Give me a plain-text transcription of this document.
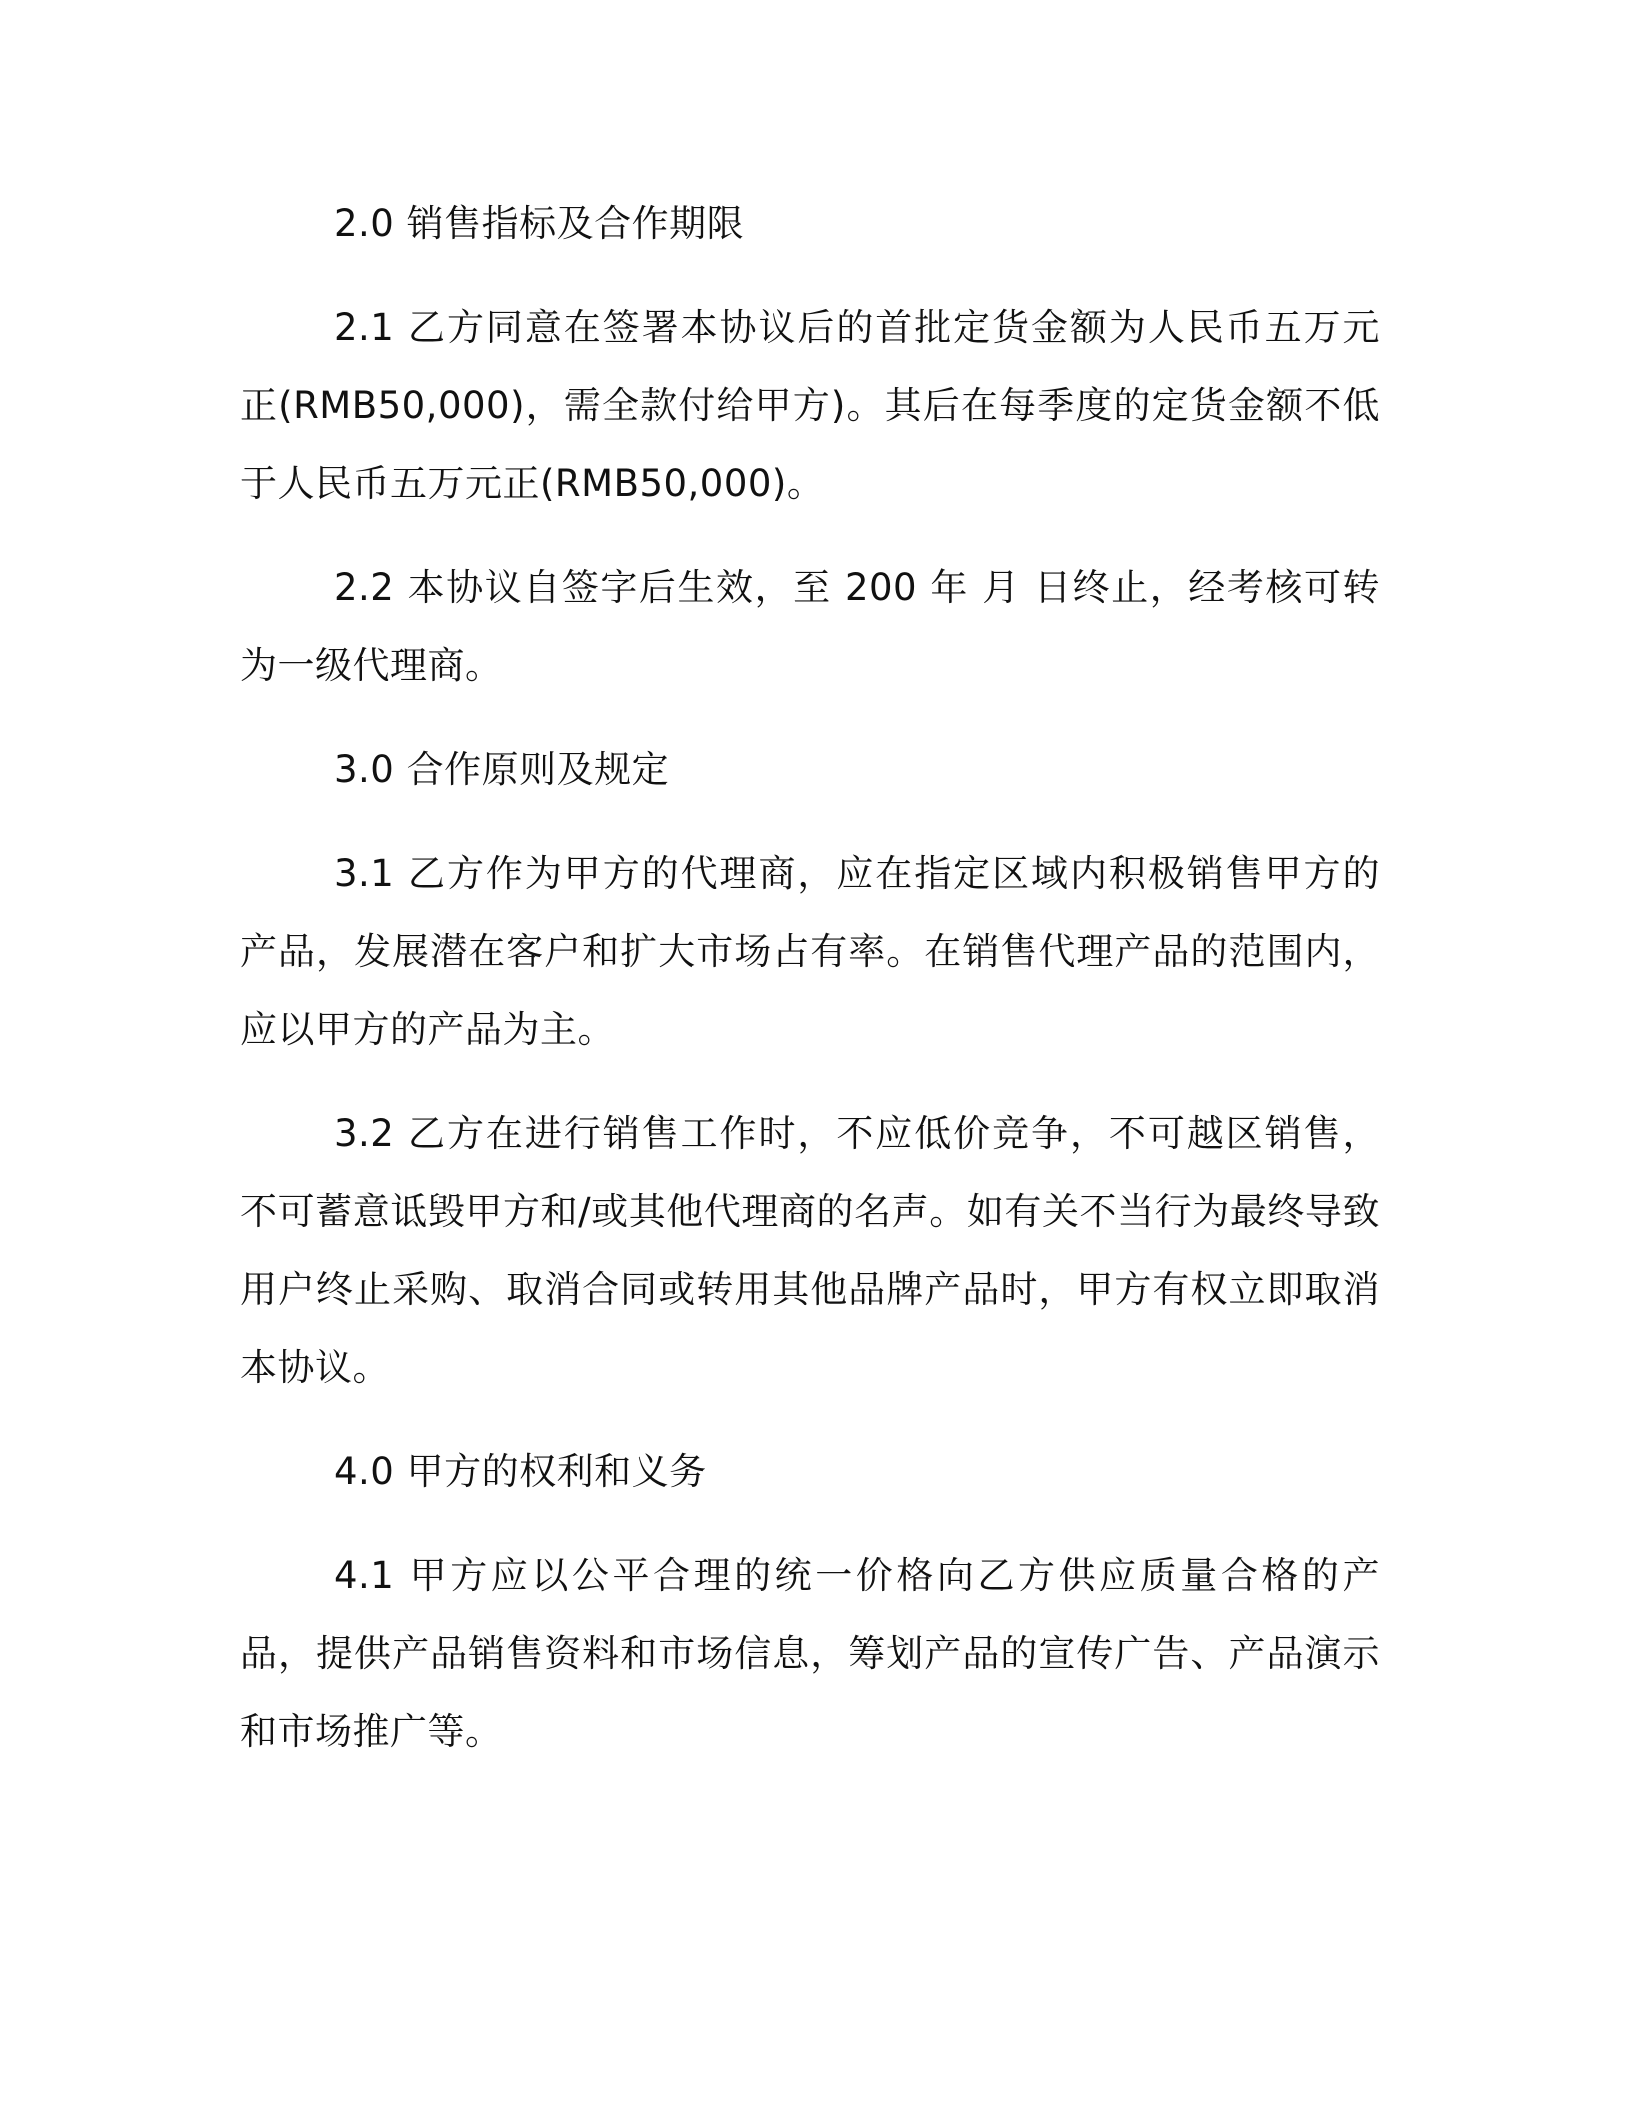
2.0 销售指标及合作期限

2.1 乙方同意在签署本协议后的首批定货金额为人民币五万元正(RMB50,000)，需全款付给甲方)。其后在每季度的定货金额不低于人民币五万元正(RMB50,000)。

2.2 本协议自签字后生效，至 200 年 月 日终止，经考核可转为一级代理商。

3.0 合作原则及规定

3.1 乙方作为甲方的代理商，应在指定区域内积极销售甲方的产品，发展潜在客户和扩大市场占有率。在销售代理产品的范围内，应以甲方的产品为主。

3.2 乙方在进行销售工作时，不应低价竞争，不可越区销售，不可蓄意诋毁甲方和/或其他代理商的名声。如有关不当行为最终导致用户终止采购、取消合同或转用其他品牌产品时，甲方有权立即取消本协议。

4.0 甲方的权利和义务

4.1 甲方应以公平合理的统一价格向乙方供应质量合格的产品，提供产品销售资料和市场信息，筹划产品的宣传广告、产品演示和市场推广等。
